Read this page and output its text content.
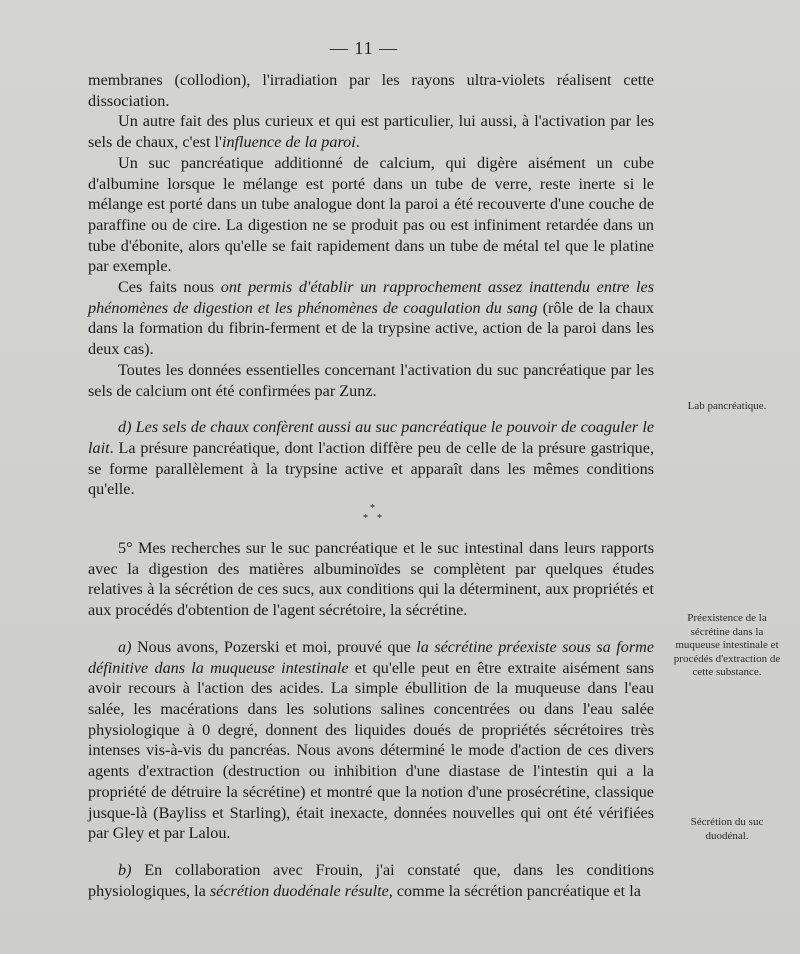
— 11 —

membranes (collodion), l'irradiation par les rayons ultra-violets réalisent cette dissociation.

Un autre fait des plus curieux et qui est particulier, lui aussi, à l'activation par les sels de chaux, c'est l'influence de la paroi.

Un suc pancréatique additionné de calcium, qui digère aisément un cube d'albumine lorsque le mélange est porté dans un tube de verre, reste inerte si le mélange est porté dans un tube analogue dont la paroi a été recouverte d'une couche de paraffine ou de cire. La digestion ne se produit pas ou est infiniment retardée dans un tube d'ébonite, alors qu'elle se fait rapidement dans un tube de métal tel que le platine par exemple.

Ces faits nous ont permis d'établir un rapprochement assez inattendu entre les phénomènes de digestion et les phénomènes de coagulation du sang (rôle de la chaux dans la formation du fibrin-ferment et de la trypsine active, action de la paroi dans les deux cas).

Toutes les données essentielles concernant l'activation du suc pancréatique par les sels de calcium ont été confirmées par Zunz.

d) Les sels de chaux confèrent aussi au suc pancréatique le pouvoir de coaguler le lait. La présure pancréatique, dont l'action diffère peu de celle de la présure gastrique, se forme parallèlement à la trypsine active et apparaît dans les mêmes conditions qu'elle.

*
* *

5° Mes recherches sur le suc pancréatique et le suc intestinal dans leurs rapports avec la digestion des matières albuminoïdes se complètent par quelques études relatives à la sécrétion de ces sucs, aux conditions qui la déterminent, aux propriétés et aux procédés d'obtention de l'agent sécrétoire, la sécrétine.

a) Nous avons, Pozerski et moi, prouvé que la sécrétine préexiste sous sa forme définitive dans la muqueuse intestinale et qu'elle peut en être extraite aisément sans avoir recours à l'action des acides. La simple ébullition de la muqueuse dans l'eau salée, les macérations dans les solutions salines concentrées ou dans l'eau salée physiologique à 0 degré, donnent des liquides doués de propriétés sécrétoires très intenses vis-à-vis du pancréas. Nous avons déterminé le mode d'action de ces divers agents d'extraction (destruction ou inhibition d'une diastase de l'intestin qui a la propriété de détruire la sécrétine) et montré que la notion d'une prosécrétine, classique jusque-là (Bayliss et Starling), était inexacte, données nouvelles qui ont été vérifiées par Gley et par Lalou.

b) En collaboration avec Frouin, j'ai constaté que, dans les conditions physiologiques, la sécrétion duodénale résulte, comme la sécrétion pancréatique et la

Lab pancréatique.
Préexistence de la sécrétine dans la muqueuse intestinale et procédés d'extraction de cette substance.
Sécrétion du suc duodénal.
